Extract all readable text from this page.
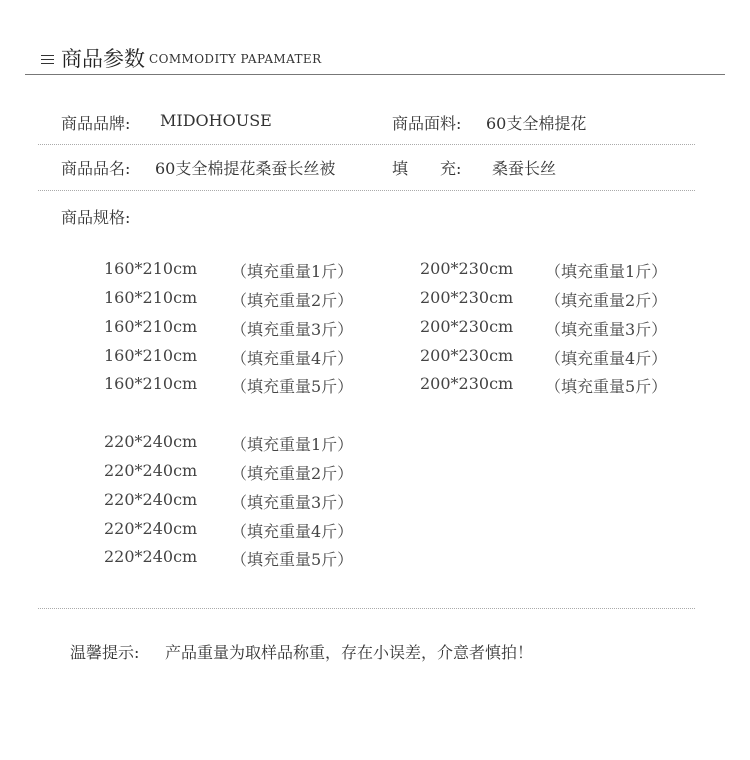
商品参数 COMMODITY PAPAMATER
商品品牌: MIDOHOUSE	商品面料: 60支全棉提花
商品品名: 60支全棉提花桑蚕长丝被	填　　充: 桑蚕长丝
商品规格:
160*210cm （填充重量1斤）
160*210cm （填充重量2斤）
160*210cm （填充重量3斤）
160*210cm （填充重量4斤）
160*210cm （填充重量5斤）
200*230cm （填充重量1斤）
200*230cm （填充重量2斤）
200*230cm （填充重量3斤）
200*230cm （填充重量4斤）
200*230cm （填充重量5斤）
220*240cm （填充重量1斤）
220*240cm （填充重量2斤）
220*240cm （填充重量3斤）
220*240cm （填充重量4斤）
220*240cm （填充重量5斤）
温馨提示: 产品重量为取样品称重，存在小误差，介意者慎拍！
